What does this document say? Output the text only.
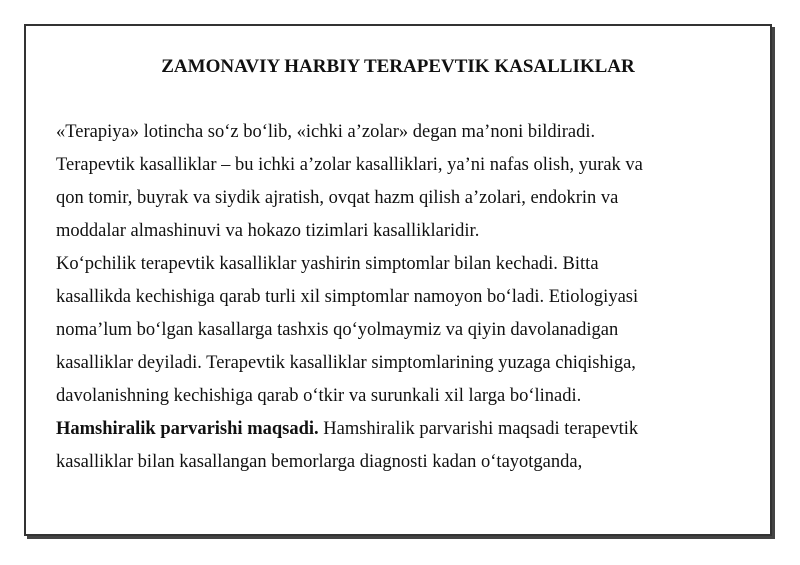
ZAMONAVIY HARBIY TERAPEVTIK KASALLIKLAR
«Terapiya» lotincha so‘z bo‘lib, «ichki a’zolar» degan ma’noni bildiradi.
Terapevtik kasalliklar – bu ichki a’zolar kasalliklari, ya’ni nafas olish, yurak va
qon tomir, buyrak va siydik ajratish, ovqat hazm qilish a’zolari, endokrin va
moddalar almashinuvi va hokazo tizimlari kasalliklaridir.
Ko‘pchilik terapevtik kasalliklar yashirin simptomlar bilan kechadi. Bitta
kasallikda kechishiga qarab turli xil simptomlar namoyon bo‘ladi. Etiologiyasi
noma’lum bo‘lgan kasallarga tashxis qo‘yolmaymiz va qiyin davolanadigan
kasalliklar deyiladi. Terapevtik kasalliklar simptomlarining yuzaga chiqishiga,
davolanishning kechishiga qarab o‘tkir va surunkali xil larga bo‘linadi.
Hamshiralik parvarishi maqsadi. Hamshiralik parvarishi maqsadi terapevtik
kasalliklar bilan kasallangan bemorlarga diagnosti kadan o‘tayotganda,
